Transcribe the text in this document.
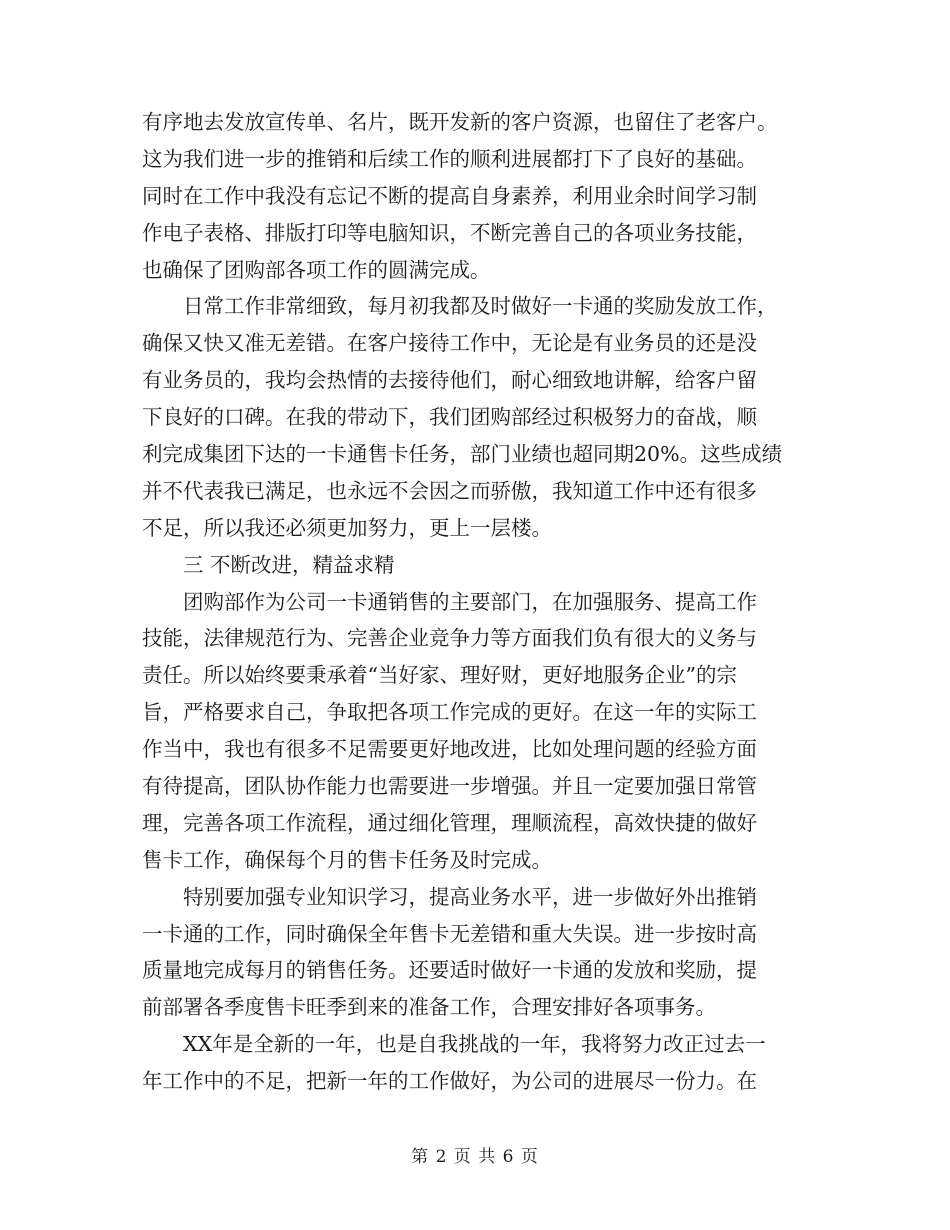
有序地去发放宣传单、名片，既开发新的客户资源，也留住了老客户。
这为我们进一步的推销和后续工作的顺利进展都打下了良好的基础。
同时在工作中我没有忘记不断的提高自身素养，利用业余时间学习制
作电子表格、排版打印等电脑知识，不断完善自己的各项业务技能，
也确保了团购部各项工作的圆满完成。
日常工作非常细致，每月初我都及时做好一卡通的奖励发放工作，
确保又快又准无差错。在客户接待工作中，无论是有业务员的还是没
有业务员的，我均会热情的去接待他们，耐心细致地讲解，给客户留
下良好的口碑。在我的带动下，我们团购部经过积极努力的奋战，顺
利完成集团下达的一卡通售卡任务，部门业绩也超同期20%。这些成绩
并不代表我已满足，也永远不会因之而骄傲，我知道工作中还有很多
不足，所以我还必须更加努力，更上一层楼。
三 不断改进，精益求精
团购部作为公司一卡通销售的主要部门，在加强服务、提高工作
技能，法律规范行为、完善企业竞争力等方面我们负有很大的义务与
责任。所以始终要秉承着“当好家、理好财，更好地服务企业”的宗
旨，严格要求自己，争取把各项工作完成的更好。在这一年的实际工
作当中，我也有很多不足需要更好地改进，比如处理问题的经验方面
有待提高，团队协作能力也需要进一步增强。并且一定要加强日常管
理，完善各项工作流程，通过细化管理，理顺流程，高效快捷的做好
售卡工作，确保每个月的售卡任务及时完成。
特别要加强专业知识学习，提高业务水平，进一步做好外出推销
一卡通的工作，同时确保全年售卡无差错和重大失误。进一步按时高
质量地完成每月的销售任务。还要适时做好一卡通的发放和奖励，提
前部署各季度售卡旺季到来的准备工作，合理安排好各项事务。
XX年是全新的一年，也是自我挑战的一年，我将努力改正过去一
年工作中的不足，把新一年的工作做好，为公司的进展尽一份力。在
第 2 页 共 6 页
